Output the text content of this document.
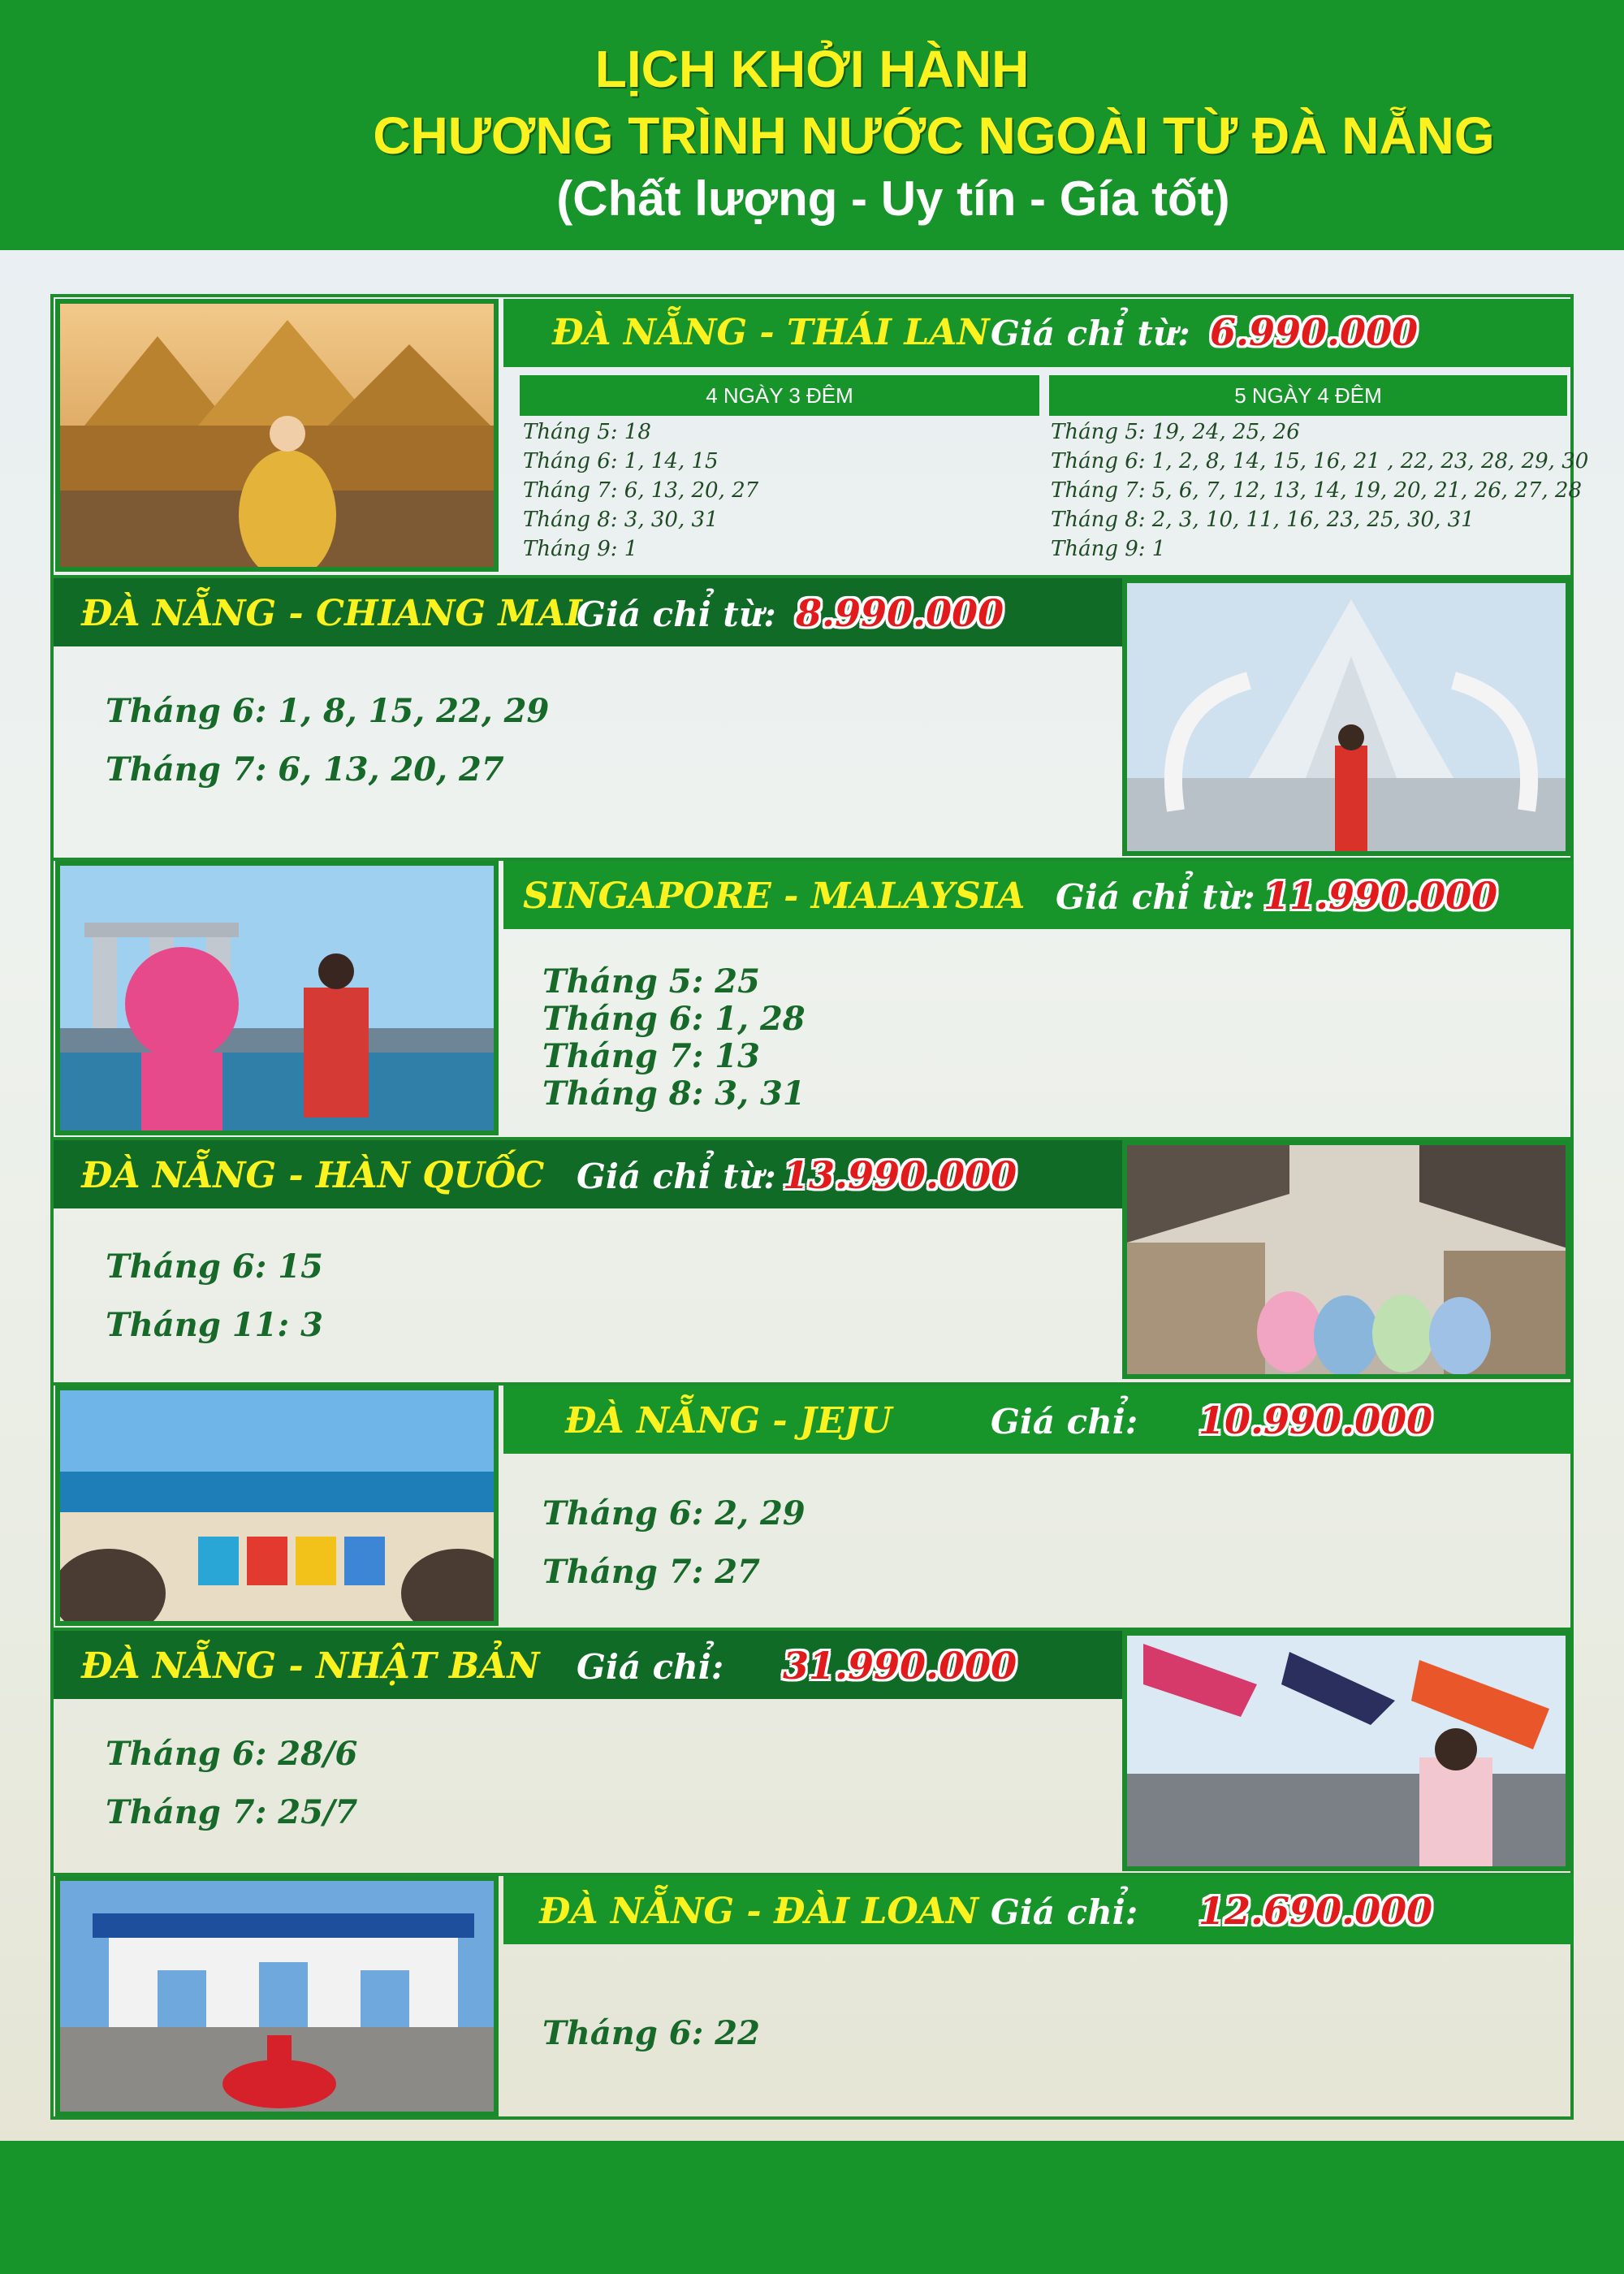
LỊCH KHỞI HÀNH
CHƯƠNG TRÌNH NƯỚC NGOÀI TỪ ĐÀ NẴNG
(Chất lượng - Uy tín - Gía tốt)
ĐÀ NẴNG - THÁI LAN Giá chỉ từ: 6.990.000
4 NGÀY 3 ĐÊM	5 NGÀY 4 ĐÊM
Tháng 5: 18
Tháng 6: 1, 14, 15
Tháng 7: 6, 13, 20, 27
Tháng 8: 3, 30, 31
Tháng 9: 1
Tháng 5: 19, 24, 25, 26
Tháng 6: 1, 2, 8, 14, 15, 16, 21 , 22, 23, 28, 29, 30
Tháng 7: 5, 6, 7, 12, 13, 14, 19, 20, 21, 26, 27, 28
Tháng 8: 2, 3, 10, 11, 16, 23, 25, 30, 31
Tháng 9: 1
ĐÀ NẴNG - CHIANG MAI
Giá chỉ từ: 8.990.000
Tháng 6: 1, 8, 15, 22, 29
Tháng 7: 6, 13, 20, 27
SINGAPORE - MALAYSIA Giá chỉ từ: 11.990.000
Tháng 5: 25
Tháng 6: 1, 28
Tháng 7: 13
Tháng 8: 3, 31
ĐÀ NẴNG - HÀN QUỐC Giá chỉ từ: 13.990.000
Tháng 6: 15
Tháng 11: 3
ĐÀ NẴNG - JEJU	Giá chỉ: 10.990.000
Tháng 6: 2, 29
Tháng 7: 27
ĐÀ NẴNG - NHẬT BẢN Giá chỉ: 31.990.000
Tháng 6: 28/6
Tháng 7: 25/7
ĐÀ NẴNG - ĐÀI LOAN Giá chỉ: 12.690.000
Tháng 6: 22
